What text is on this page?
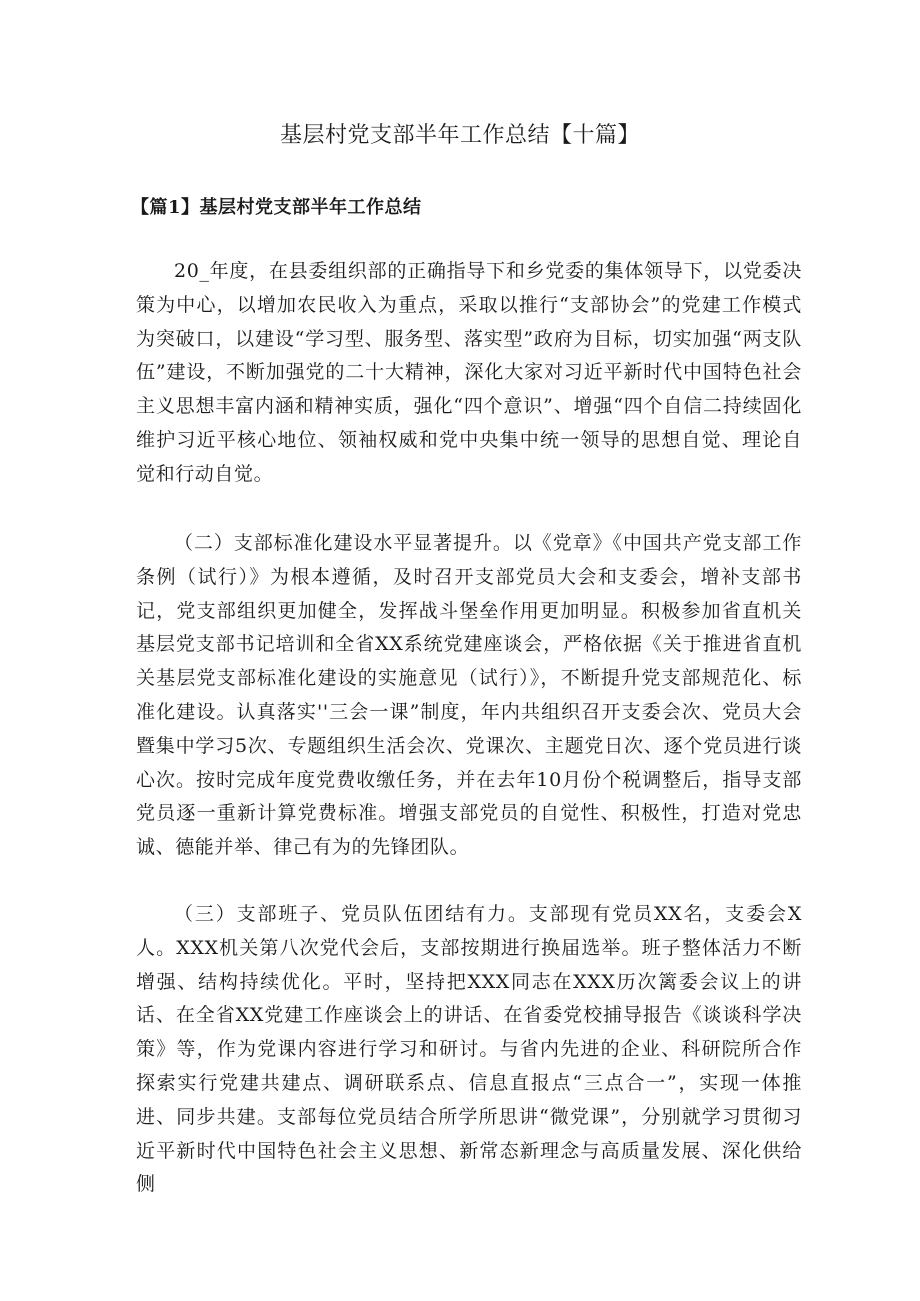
基层村党支部半年工作总结【十篇】
【篇1】基层村党支部半年工作总结

20_年度，在县委组织部的正确指导下和乡党委的集体领导下，以党委决策为中心，以增加农民收入为重点，采取以推行“支部协会”的党建工作模式为突破口，以建设“学习型、服务型、落实型”政府为目标，切实加强“两支队伍”建设，不断加强党的二十大精神，深化大家对习近平新时代中国特色社会主义思想丰富内涵和精神实质，强化“四个意识”、增强“四个自信二持续固化维护习近平核心地位、领袖权威和党中央集中统一领导的思想自觉、理论自觉和行动自觉。

（二）支部标准化建设水平显著提升。以《党章》《中国共产党支部工作条例（试行）》为根本遵循，及时召开支部党员大会和支委会，增补支部书记，党支部组织更加健全，发挥战斗堡垒作用更加明显。积极参加省直机关基层党支部书记培训和全省XX系统党建座谈会，严格依据《关于推进省直机关基层党支部标准化建设的实施意见（试行）》，不断提升党支部规范化、标准化建设。认真落实''三会一课”制度，年内共组织召开支委会次、党员大会暨集中学习5次、专题组织生活会次、党课次、主题党日次、逐个党员进行谈心次。按时完成年度党费收缴任务，并在去年10月份个税调整后，指导支部党员逐一重新计算党费标准。增强支部党员的自觉性、积极性，打造对党忠诚、德能并举、律己有为的先锋团队。

（三）支部班子、党员队伍团结有力。支部现有党员XX名，支委会X人。XXX机关第八次党代会后，支部按期进行换届选举。班子整体活力不断增强、结构持续优化。平时，坚持把XXX同志在XXX历次篱委会议上的讲话、在全省XX党建工作座谈会上的讲话、在省委党校捕导报告《谈谈科学决策》等，作为党课内容进行学习和研讨。与省内先进的企业、科研院所合作探索实行党建共建点、调研联系点、信息直报点“三点合一”，实现一体推进、同步共建。支部每位党员结合所学所思讲“微党课”，分别就学习贯彻习近平新时代中国特色社会主义思想、新常态新理念与高质量发展、深化供给侧
